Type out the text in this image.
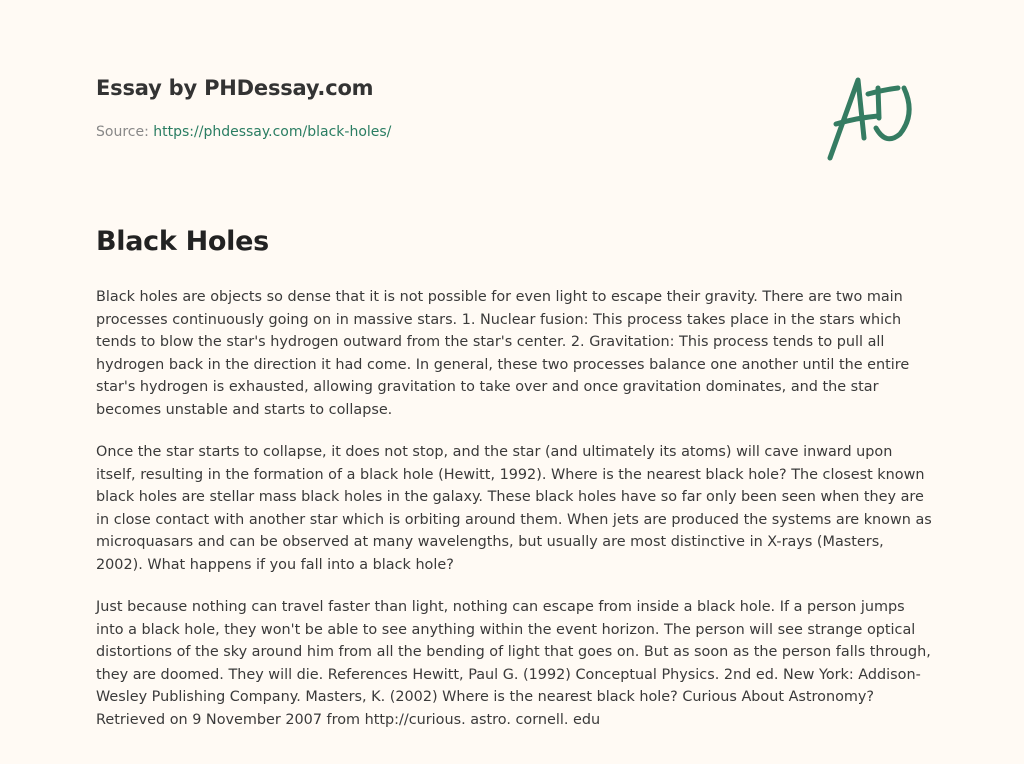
Essay by PHDessay.com
Source: https://phdessay.com/black-holes/
Black Holes

Black holes are objects so dense that it is not possible for even light to escape their gravity. There are two main processes continuously going on in massive stars. 1. Nuclear fusion: This process takes place in the stars which tends to blow the star's hydrogen outward from the star's center. 2. Gravitation: This process tends to pull all hydrogen back in the direction it had come. In general, these two processes balance one another until the entire star's hydrogen is exhausted, allowing gravitation to take over and once gravitation dominates, and the star becomes unstable and starts to collapse.

Once the star starts to collapse, it does not stop, and the star (and ultimately its atoms) will cave inward upon itself, resulting in the formation of a black hole (Hewitt, 1992). Where is the nearest black hole? The closest known black holes are stellar mass black holes in the galaxy. These black holes have so far only been seen when they are in close contact with another star which is orbiting around them. When jets are produced the systems are known as microquasars and can be observed at many wavelengths, but usually are most distinctive in X-rays (Masters, 2002). What happens if you fall into a black hole?

Just because nothing can travel faster than light, nothing can escape from inside a black hole. If a person jumps into a black hole, they won't be able to see anything within the event horizon. The person will see strange optical distortions of the sky around him from all the bending of light that goes on. But as soon as the person falls through, they are doomed. They will die. References Hewitt, Paul G. (1992) Conceptual Physics. 2nd ed. New York: Addison-Wesley Publishing Company. Masters, K. (2002) Where is the nearest black hole? Curious About Astronomy? Retrieved on 9 November 2007 from http://curious. astro. cornell. edu
